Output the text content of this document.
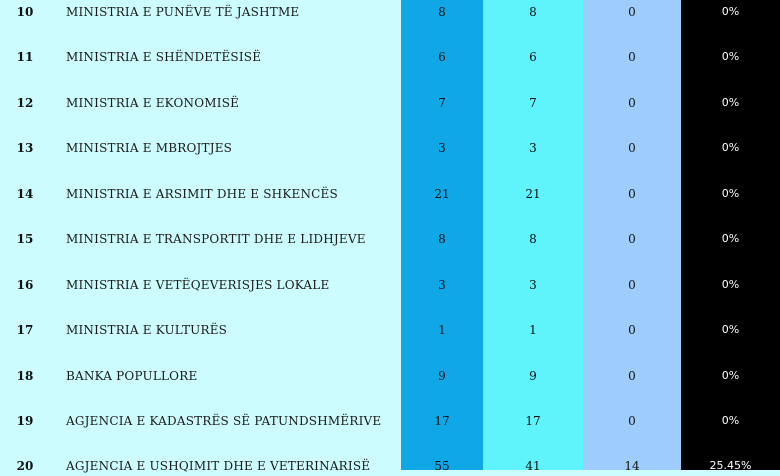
10	MINISTRIA E PUNËVE TË JASHTME	8	8	0	0%
11	MINISTRIA E SHËNDETËSISË	6	6	0	0%
12	MINISTRIA E EKONOMISË	7	7	0	0%
13	MINISTRIA E MBROJTJES	3	3	0	0%
14	MINISTRIA E ARSIMIT DHE E SHKENCËS	21	21	0	0%
15	MINISTRIA E TRANSPORTIT DHE E LIDHJEVE	8	8	0	0%
16	MINISTRIA E VETËQEVERISJES LOKALE	3	3	0	0%
17	MINISTRIA E KULTURËS	1	1	0	0%
18	BANKA POPULLORE	9	9	0	0%
19	AGJENCIA E KADASTRËS SË PATUNDSHMËRIVE	17	17	0	0%
20	AGJENCIA E USHQIMIT DHE E VETERINARISË	55	41	14	25.45%
